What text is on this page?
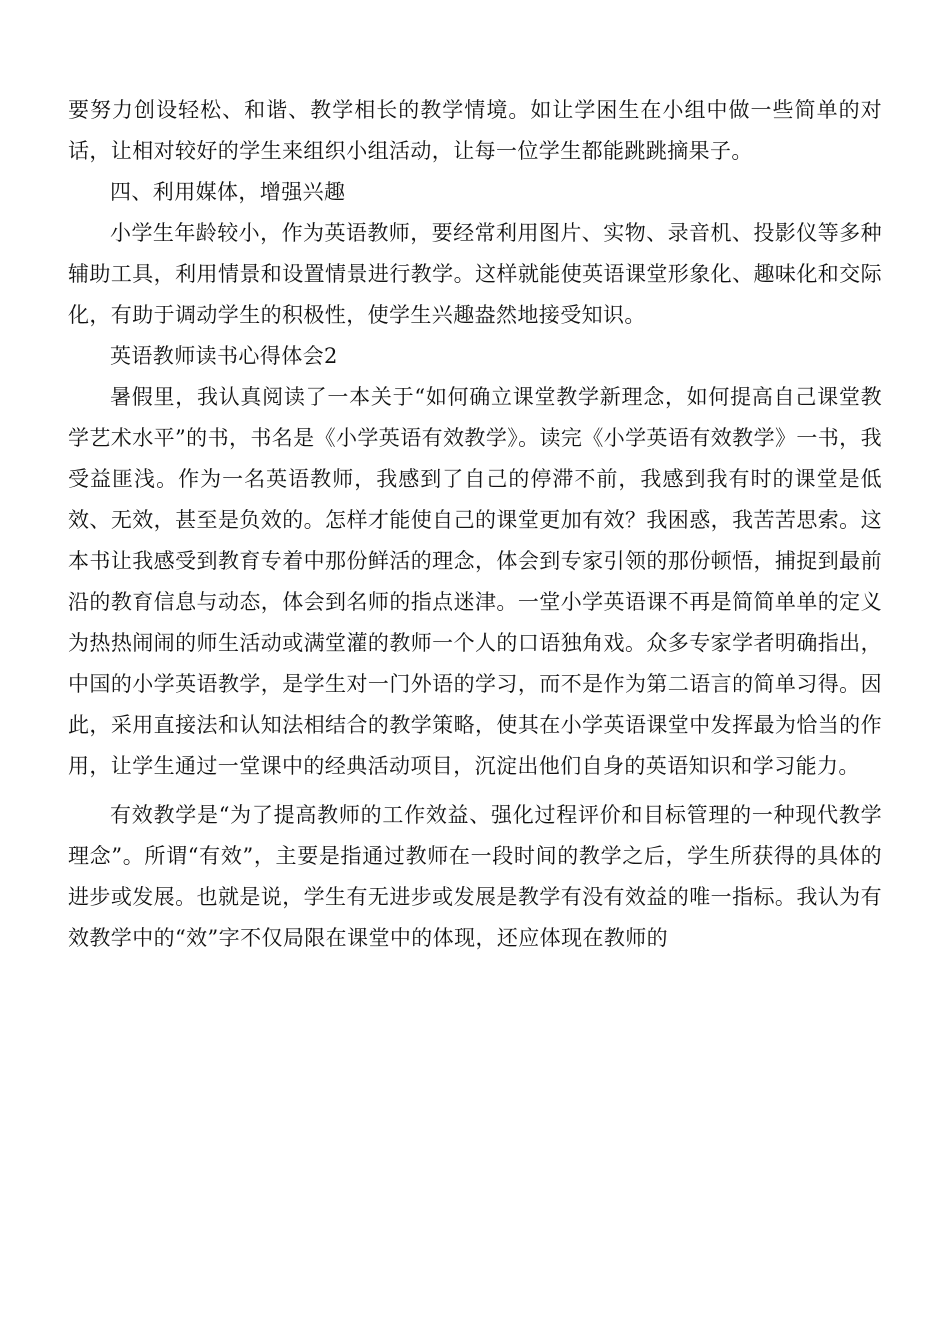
要努力创设轻松、和谐、教学相长的教学情境。如让学困生在小组中做一些简单的对话，让相对较好的学生来组织小组活动，让每一位学生都能跳跳摘果子。

四、利用媒体，增强兴趣

小学生年龄较小，作为英语教师，要经常利用图片、实物、录音机、投影仪等多种辅助工具，利用情景和设置情景进行教学。这样就能使英语课堂形象化、趣味化和交际化，有助于调动学生的积极性，使学生兴趣盎然地接受知识。

英语教师读书心得体会2

暑假里，我认真阅读了一本关于“如何确立课堂教学新理念，如何提高自己课堂教学艺术水平”的书，书名是《小学英语有效教学》。读完《小学英语有效教学》一书，我受益匪浅。作为一名英语教师，我感到了自己的停滞不前，我感到我有时的课堂是低效、无效，甚至是负效的。怎样才能使自己的课堂更加有效？我困惑，我苦苦思索。这本书让我感受到教育专着中那份鲜活的理念，体会到专家引领的那份顿悟，捕捉到最前沿的教育信息与动态，体会到名师的指点迷津。一堂小学英语课不再是简简单单的定义为热热闹闹的师生活动或满堂灌的教师一个人的口语独角戏。众多专家学者明确指出，中国的小学英语教学，是学生对一门外语的学习，而不是作为第二语言的简单习得。因此，采用直接法和认知法相结合的教学策略，使其在小学英语课堂中发挥最为恰当的作用，让学生通过一堂课中的经典活动项目，沉淀出他们自身的英语知识和学习能力。

有效教学是“为了提高教师的工作效益、强化过程评价和目标管理的一种现代教学理念”。所谓“有效”，主要是指通过教师在一段时间的教学之后，学生所获得的具体的进步或发展。也就是说，学生有无进步或发展是教学有没有效益的唯一指标。我认为有效教学中的“效”字不仅局限在课堂中的体现，还应体现在教师的
